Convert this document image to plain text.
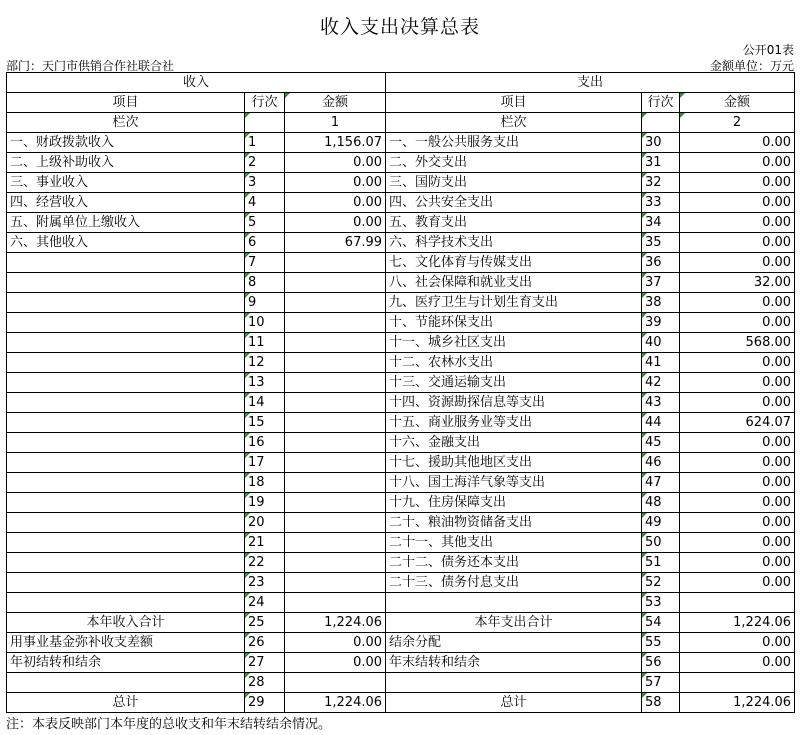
收入支出决算总表
公开01表
部门：天门市供销合作社联合社	金额单位：万元
收入			支出		
项目	行次	金额	项目	行次	金额
栏次		1	栏次		2
一、财政拨款收入	1	1,156.07	一、一般公共服务支出	30	0.00
二、上级补助收入	2	0.00	二、外交支出	31	0.00
三、事业收入	3	0.00	三、国防支出	32	0.00
四、经营收入	4	0.00	四、公共安全支出	33	0.00
五、附属单位上缴收入	5	0.00	五、教育支出	34	0.00
六、其他收入	6	67.99	六、科学技术支出	35	0.00
	7		七、文化体育与传媒支出	36	0.00
	8		八、社会保障和就业支出	37	32.00
	9		九、医疗卫生与计划生育支出	38	0.00
	10		十、节能环保支出	39	0.00
	11		十一、城乡社区支出	40	568.00
	12		十二、农林水支出	41	0.00
	13		十三、交通运输支出	42	0.00
	14		十四、资源勘探信息等支出	43	0.00
	15		十五、商业服务业等支出	44	624.07
	16		十六、金融支出	45	0.00
	17		十七、援助其他地区支出	46	0.00
	18		十八、国土海洋气象等支出	47	0.00
	19		十九、住房保障支出	48	0.00
	20		二十、粮油物资储备支出	49	0.00
	21		二十一、其他支出	50	0.00
	22		二十二、债务还本支出	51	0.00
	23		二十三、债务付息支出	52	0.00
	24			53	
本年收入合计	25	1,224.06	本年支出合计	54	1,224.06
用事业基金弥补收支差额	26	0.00	结余分配	55	0.00
年初结转和结余	27	0.00	年末结转和结余	56	0.00
	28			57	
总计	29	1,224.06	总计	58	1,224.06
注：本表反映部门本年度的总收支和年末结转结余情况。
